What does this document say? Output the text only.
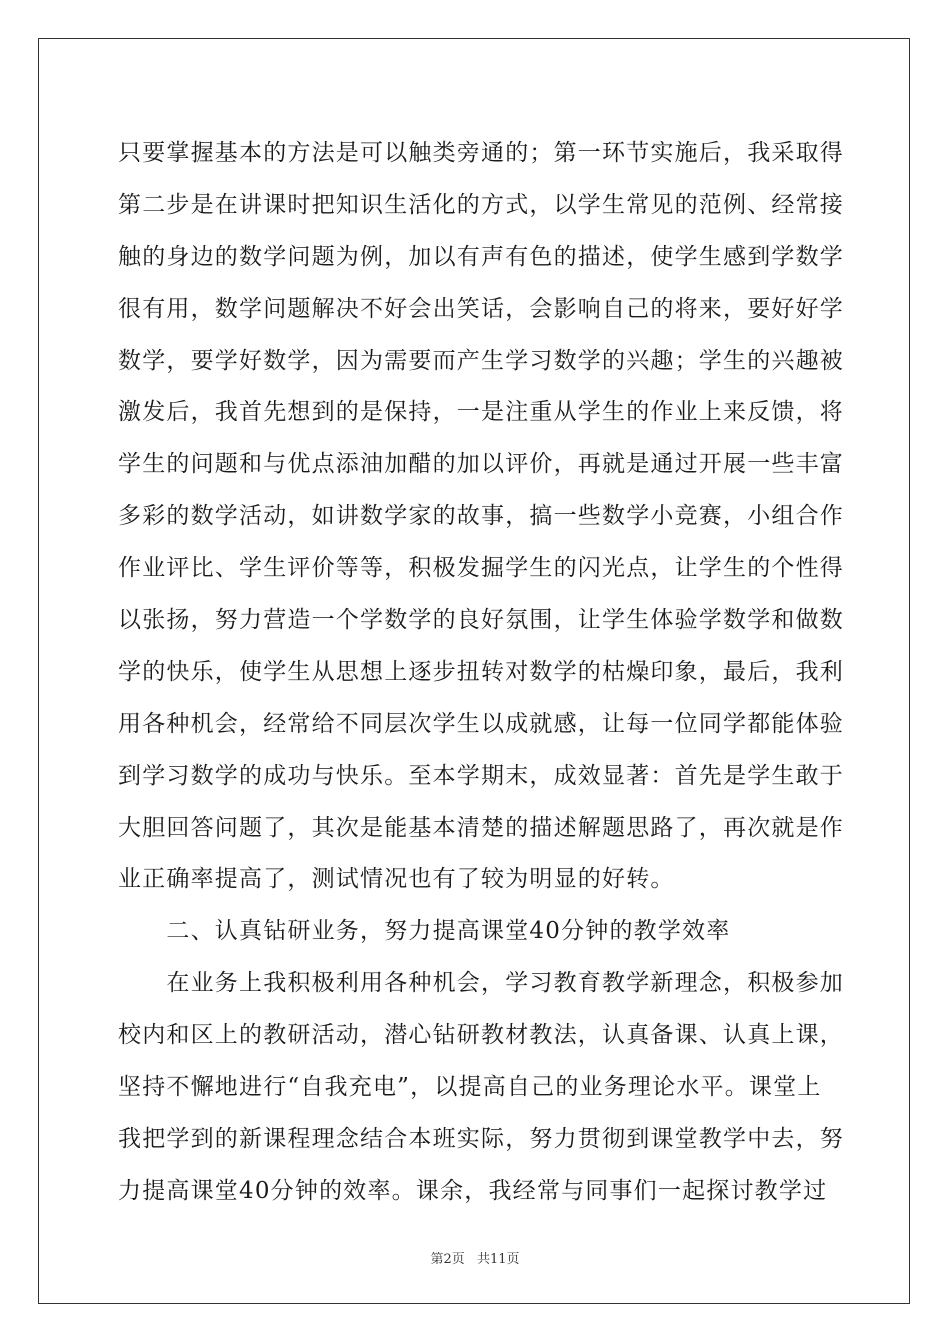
只要掌握基本的方法是可以触类旁通的；第一环节实施后，我采取得
第二步是在讲课时把知识生活化的方式，以学生常见的范例、经常接
触的身边的数学问题为例，加以有声有色的描述，使学生感到学数学
很有用，数学问题解决不好会出笑话，会影响自己的将来，要好好学
数学，要学好数学，因为需要而产生学习数学的兴趣；学生的兴趣被
激发后，我首先想到的是保持，一是注重从学生的作业上来反馈，将
学生的问题和与优点添油加醋的加以评价，再就是通过开展一些丰富
多彩的数学活动，如讲数学家的故事，搞一些数学小竞赛，小组合作
作业评比、学生评价等等，积极发掘学生的闪光点，让学生的个性得
以张扬，努力营造一个学数学的良好氛围，让学生体验学数学和做数
学的快乐，使学生从思想上逐步扭转对数学的枯燥印象，最后，我利
用各种机会，经常给不同层次学生以成就感，让每一位同学都能体验
到学习数学的成功与快乐。至本学期末，成效显著：首先是学生敢于
大胆回答问题了，其次是能基本清楚的描述解题思路了，再次就是作
业正确率提高了，测试情况也有了较为明显的好转。
　　二、认真钻研业务，努力提高课堂40分钟的教学效率
　　在业务上我积极利用各种机会，学习教育教学新理念，积极参加
校内和区上的教研活动，潜心钻研教材教法，认真备课、认真上课，
坚持不懈地进行“自我充电”，以提高自己的业务理论水平。课堂上
我把学到的新课程理念结合本班实际，努力贯彻到课堂教学中去，努
力提高课堂40分钟的效率。课余，我经常与同事们一起探讨教学过
第2页 共11页
